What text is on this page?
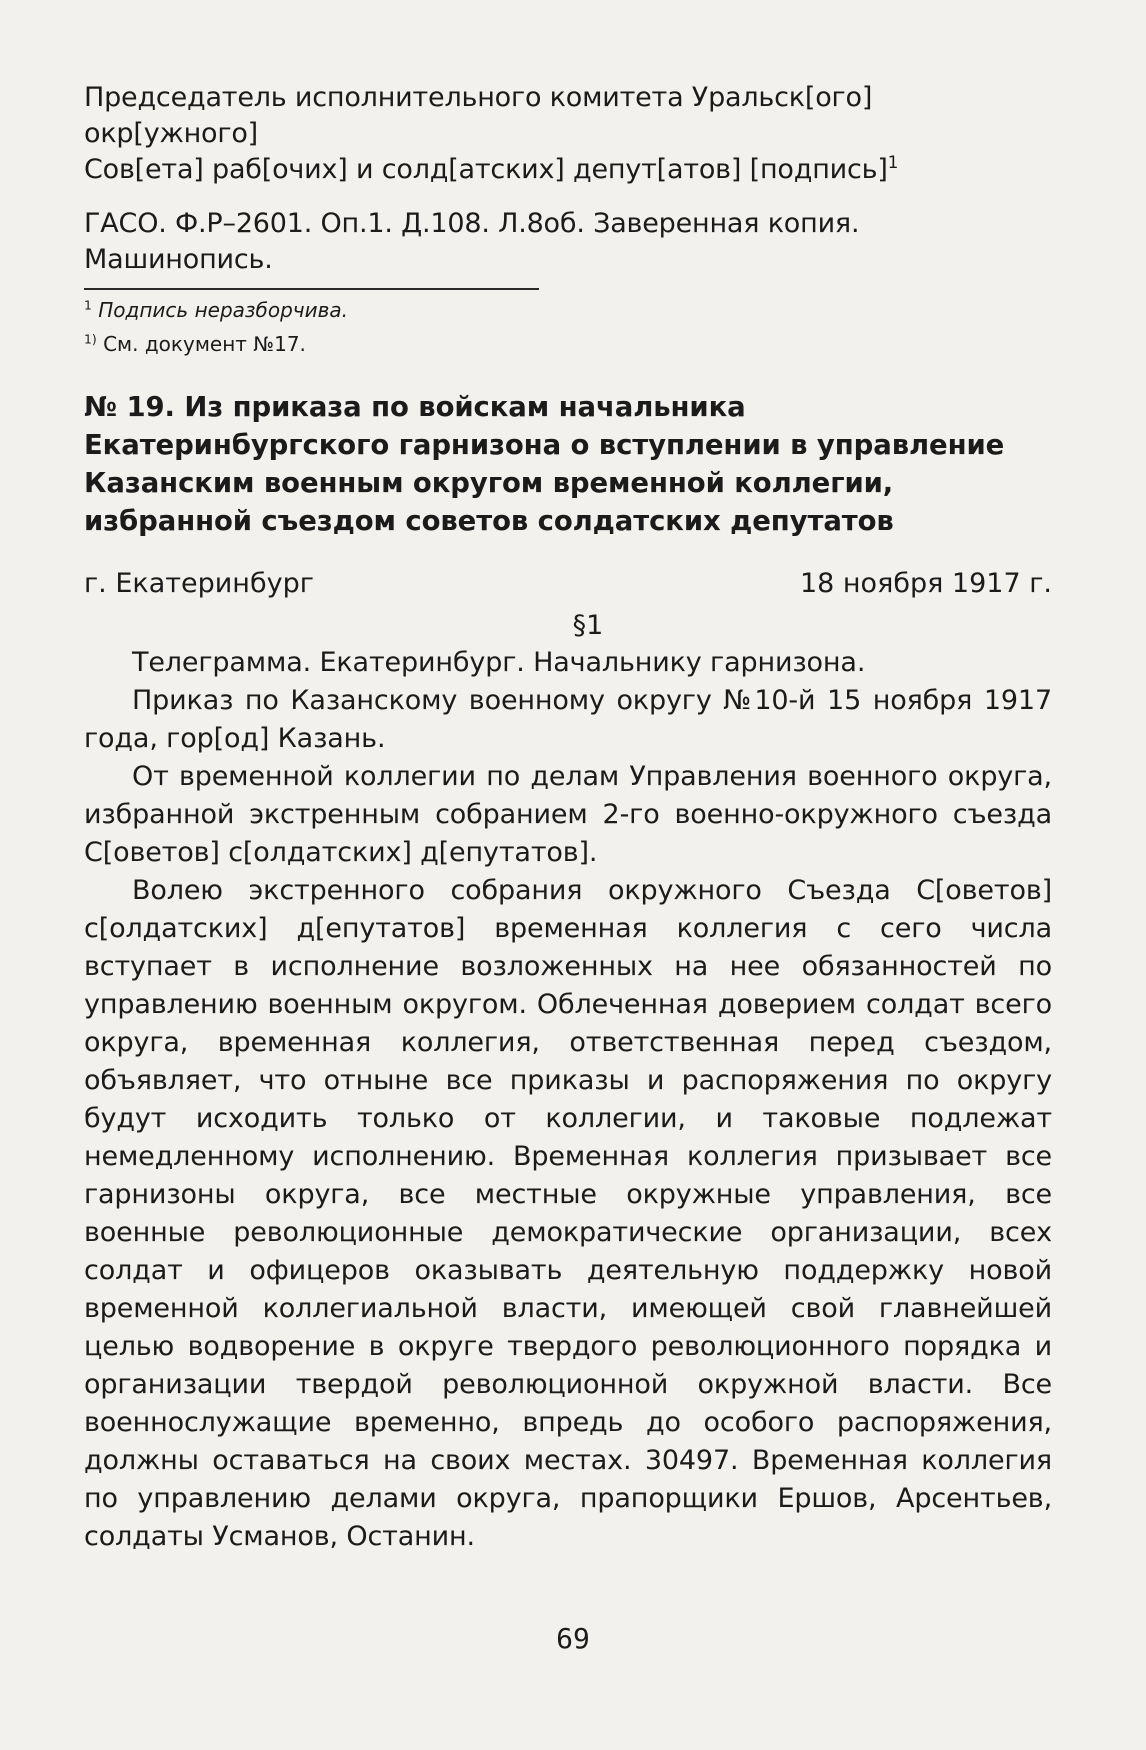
Председатель исполнительного комитета Уральск[ого] окр[ужного]
Сов[ета] раб[очих] и солд[атских] депут[атов] [подпись]$^1$
ГАСО. Ф.Р–2601. Оп.1. Д.108. Л.8об. Заверенная копия. Машинопись.
$^1$ Подпись неразборчива.
$^{1)}$ См. документ №17.
№ 19. Из приказа по войскам начальника Екатеринбургского гарнизона о вступлении в управление Казанским военным округом временной коллегии, избранной съездом советов солдатских депутатов
г. Екатеринбург	18 ноября 1917 г.
§1

Телеграмма. Екатеринбург. Начальнику гарнизона.

Приказ по Казанскому военному округу №10-й 15 ноября 1917 года, гор[од] Казань.

От временной коллегии по делам Управления военного округа, избранной экстренным собранием 2-го военно-окружного съезда С[оветов] с[олдатских] д[епутатов].

Волею экстренного собрания окружного Съезда С[оветов] с[олдатских] д[епутатов] временная коллегия с сего числа вступает в исполнение возложенных на нее обязанностей по управлению военным округом. Облеченная доверием солдат всего округа, временная коллегия, ответственная перед съездом, объявляет, что отныне все приказы и распоряжения по округу будут исходить только от коллегии, и таковые подлежат немедленному исполнению. Временная коллегия призывает все гарнизоны округа, все местные окружные управления, все военные революционные демократические организации, всех солдат и офицеров оказывать деятельную поддержку новой временной коллегиальной власти, имеющей свой главнейшей целью водворение в округе твердого революционного порядка и организации твердой революционной окружной власти. Все военнослужащие временно, впредь до особого распоряжения, должны оставаться на своих местах. 30497. Временная коллегия по управлению делами округа, прапорщики Ершов, Арсентьев, солдаты Усманов, Останин.

69
